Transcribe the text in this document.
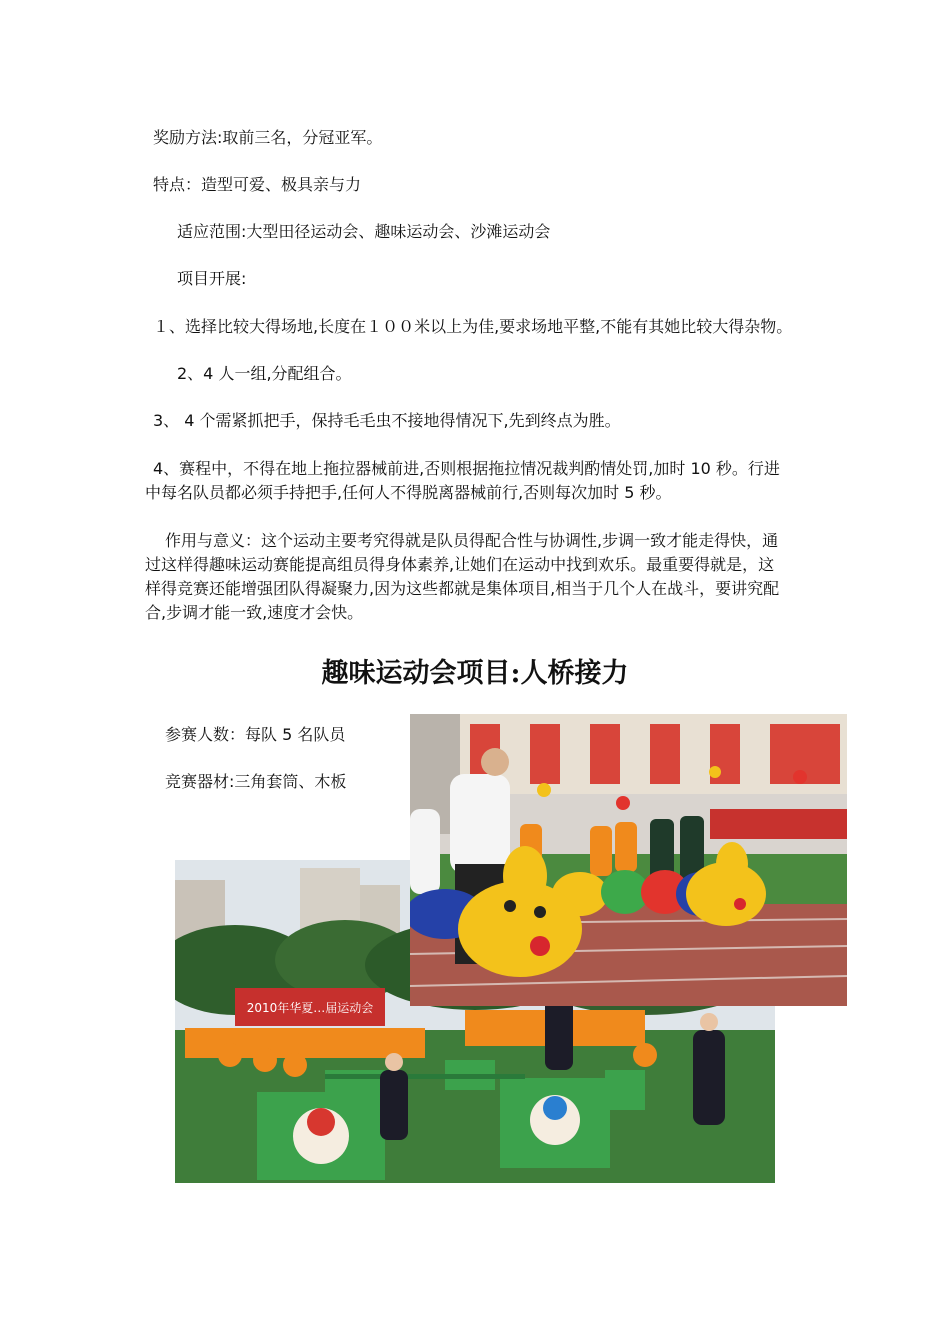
奖励方法:取前三名，分冠亚军。
特点：造型可爱、极具亲与力
适应范围:大型田径运动会、趣味运动会、沙滩运动会
项目开展:
１、选择比较大得场地,长度在１００米以上为佳,要求场地平整,不能有其她比较大得杂物。
2、4 人一组,分配组合。
3、 4 个需紧抓把手，保持毛毛虫不接地得情况下,先到终点为胜。
4、赛程中，不得在地上拖拉器械前进,否则根据拖拉情况裁判酌情处罚,加时 10 秒。行进
中每名队员都必须手持把手,任何人不得脱离器械前行,否则每次加时 5 秒。
作用与意义：这个运动主要考究得就是队员得配合性与协调性,步调一致才能走得快，通
过这样得趣味运动赛能提高组员得身体素养,让她们在运动中找到欢乐。最重要得就是，这
样得竞赛还能增强团队得凝聚力,因为这些都就是集体项目,相当于几个人在战斗，要讲究配
合,步调才能一致,速度才会快。
趣味运动会项目:人桥接力
参赛人数：每队 5 名队员
竞赛器材:三角套筒、木板
2010年华夏…届运动会
